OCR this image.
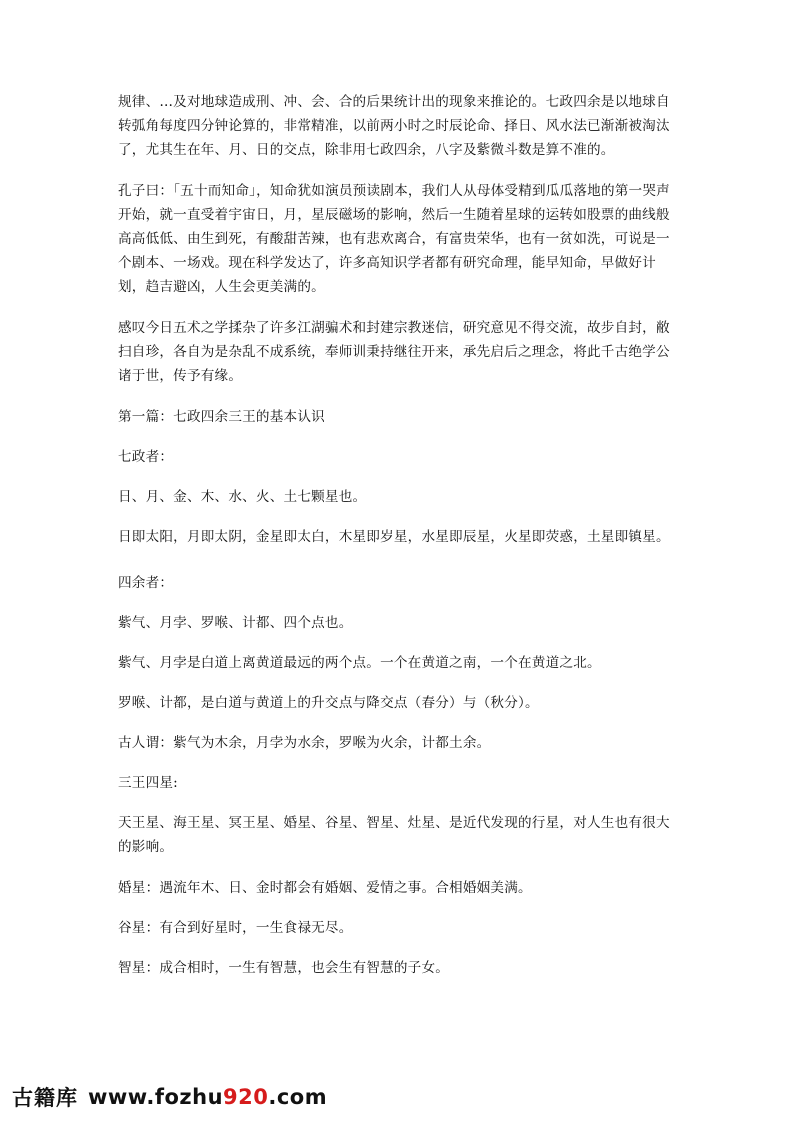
规律、…及对地球造成刑、冲、会、合的后果统计出的现象来推论的。七政四余是以地球自转弧角每度四分钟论算的，非常精准，以前两小时之时辰论命、择日、风水法已渐渐被淘汰了，尤其生在年、月、日的交点，除非用七政四余，八字及紫微斗数是算不准的。

孔子曰：「五十而知命」，知命犹如演员预读剧本，我们人从母体受精到瓜瓜落地的第一哭声开始，就一直受着宇宙日，月，星辰磁场的影响，然后一生随着星球的运转如股票的曲线般高高低低、由生到死，有酸甜苦辣，也有悲欢离合，有富贵荣华，也有一贫如洗，可说是一个剧本、一场戏。现在科学发达了，许多高知识学者都有研究命理，能早知命，早做好计划，趋吉避凶，人生会更美满的。

感叹今日五术之学揉杂了许多江湖骗术和封建宗教迷信，研究意见不得交流，故步自封，敝扫自珍，各自为是杂乱不成系统，奉师训秉持继往开来，承先启后之理念，将此千古绝学公诸于世，传予有缘。

第一篇：七政四余三王的基本认识

七政者：

日、月、金、木、水、火、土七颗星也。

日即太阳，月即太阴，金星即太白，木星即岁星，水星即辰星，火星即荧惑，土星即镇星。

四余者：

紫气、月孛、罗喉、计都、四个点也。

紫气、月孛是白道上离黄道最远的两个点。一个在黄道之南，一个在黄道之北。

罗喉、计都，是白道与黄道上的升交点与降交点（春分）与（秋分）。

古人谓：紫气为木余，月孛为水余，罗喉为火余，计都土余。

三王四星:

天王星、海王星、冥王星、婚星、谷星、智星、灶星、是近代发现的行星，对人生也有很大的影响。

婚星：遇流年木、日、金时都会有婚姻、爱情之事。合相婚姻美满。

谷星：有合到好星时，一生食禄无尽。

智星：成合相时，一生有智慧，也会生有智慧的子女。

古籍库 www.fozhu920.com
